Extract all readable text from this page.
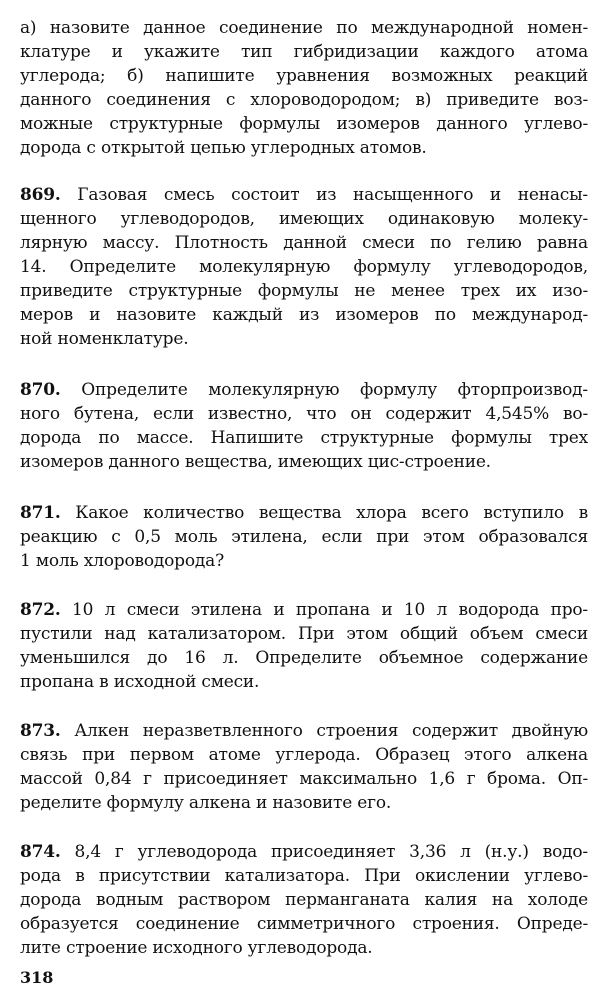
а) назовите данное соединение по международной номен-
клатуре и укажите тип гибридизации каждого атома
углерода; б) напишите уравнения возможных реакций
данного соединения с хлороводородом; в) приведите воз-
можные структурные формулы изомеров данного углево-
дорода с открытой цепью углеродных атомов.
869. Газовая смесь состоит из насыщенного и ненасы-
щенного углеводородов, имеющих одинаковую молеку-
лярную массу. Плотность данной смеси по гелию равна
14. Определите молекулярную формулу углеводородов,
приведите структурные формулы не менее трех их изо-
меров и назовите каждый из изомеров по международ-
ной номенклатуре.
870. Определите молекулярную формулу фторпроизвод-
ного бутена, если известно, что он содержит 4,545% во-
дорода по массе. Напишите структурные формулы трех
изомеров данного вещества, имеющих цис-строение.
871. Какое количество вещества хлора всего вступило в
реакцию с 0,5 моль этилена, если при этом образовался
1 моль хлороводорода?
872. 10 л смеси этилена и пропана и 10 л водорода про-
пустили над катализатором. При этом общий объем смеси
уменьшился до 16 л. Определите объемное содержание
пропана в исходной смеси.
873. Алкен неразветвленного строения содержит двойную
связь при первом атоме углерода. Образец этого алкена
массой 0,84 г присоединяет максимально 1,6 г брома. Оп-
ределите формулу алкена и назовите его.
874. 8,4 г углеводорода присоединяет 3,36 л (н.у.) водо-
рода в присутствии катализатора. При окислении углево-
дорода водным раствором перманганата калия на холоде
образуется соединение симметричного строения. Опреде-
лите строение исходного углеводорода.
318
